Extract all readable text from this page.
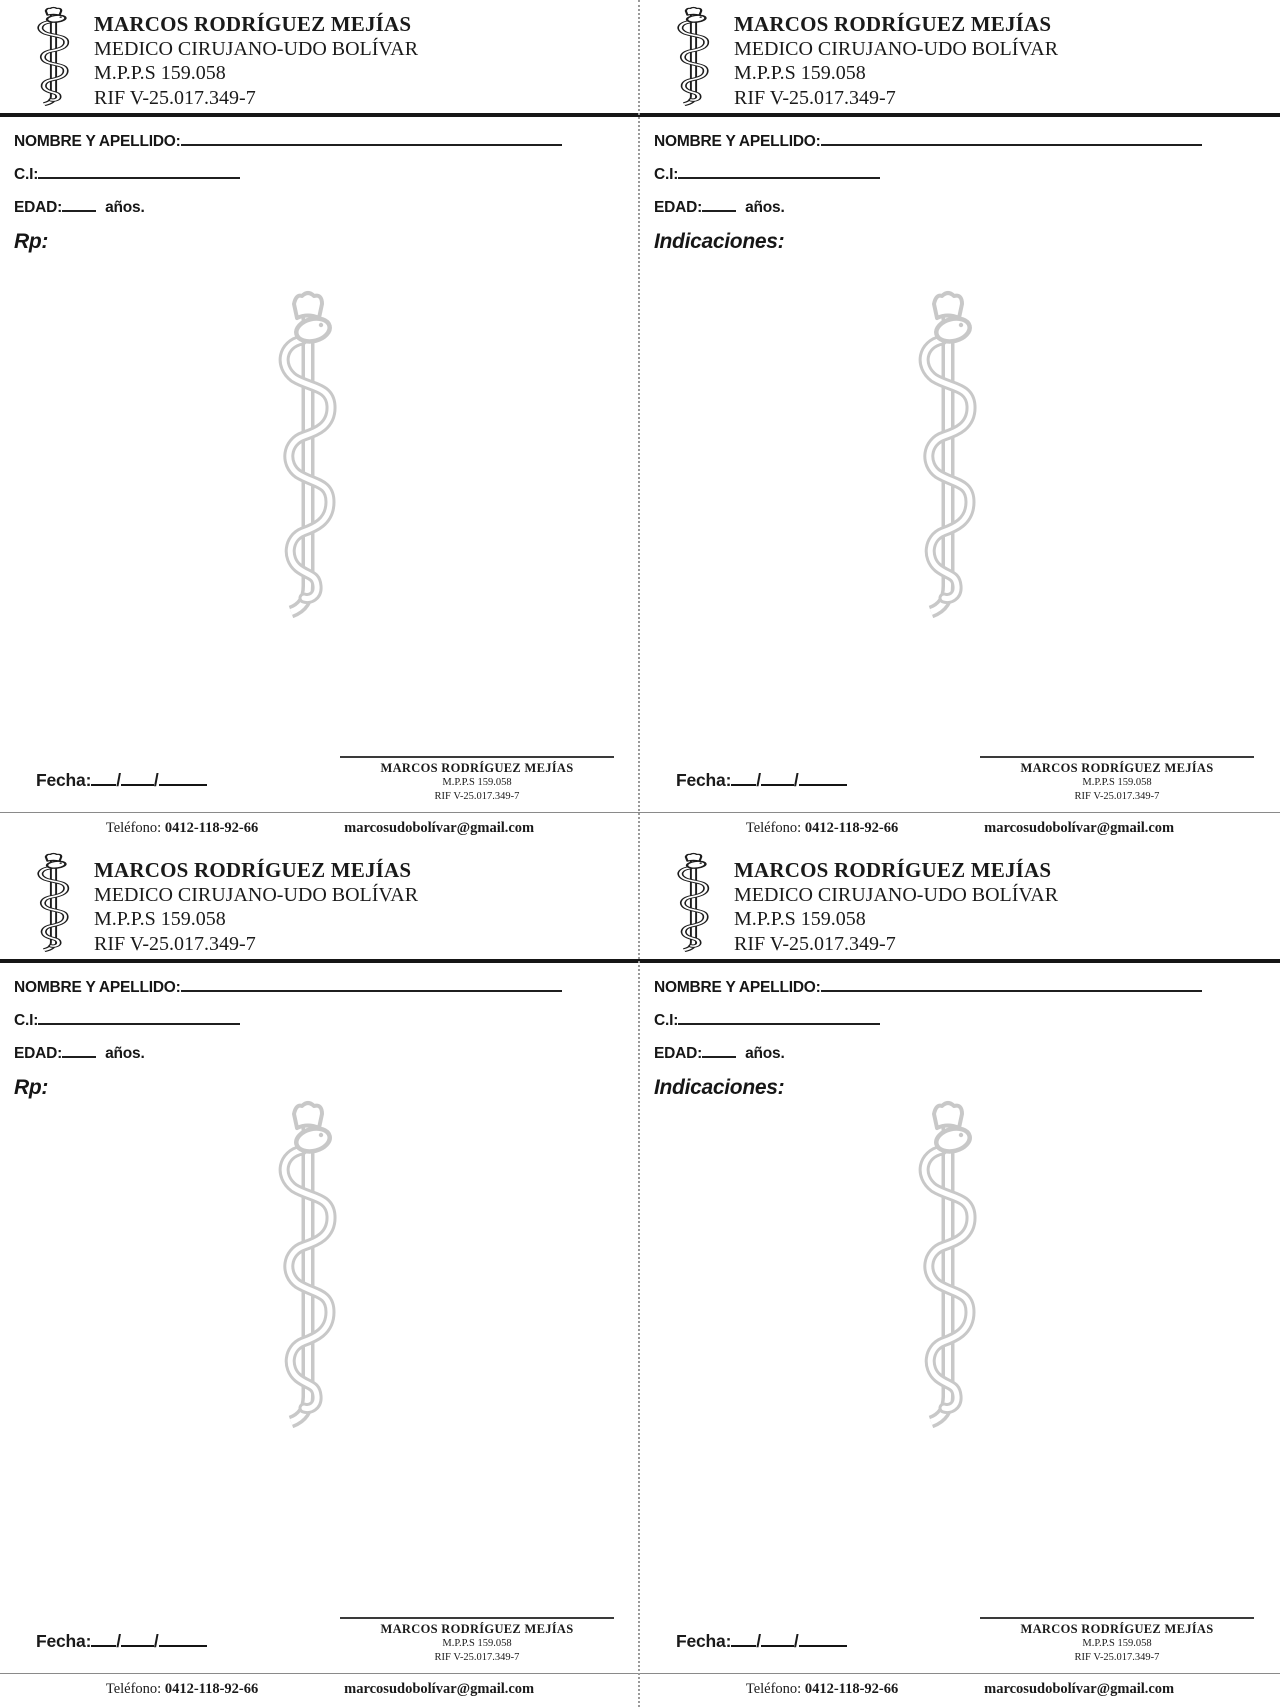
MARCOS RODRÍGUEZ MEJÍAS
MEDICO CIRUJANO-UDO BOLÍVAR
M.P.P.S 159.058
RIF V-25.017.349-7
NOMBRE Y APELLIDO:
C.I:
EDAD:	años.
Rp:
Fecha: / /
MARCOS RODRÍGUEZ MEJÍAS
M.P.P.S 159.058
RIF V-25.017.349-7
Teléfono: 0412-118-92-66	marcosudobolívar@gmail.com
MARCOS RODRÍGUEZ MEJÍAS
MEDICO CIRUJANO-UDO BOLÍVAR
M.P.P.S 159.058
RIF V-25.017.349-7
NOMBRE Y APELLIDO:
C.I:
EDAD:	años.
Indicaciones:
Fecha: / /
MARCOS RODRÍGUEZ MEJÍAS
M.P.P.S 159.058
RIF V-25.017.349-7
Teléfono: 0412-118-92-66	marcosudobolívar@gmail.com
MARCOS RODRÍGUEZ MEJÍAS
MEDICO CIRUJANO-UDO BOLÍVAR
M.P.P.S 159.058
RIF V-25.017.349-7
NOMBRE Y APELLIDO:
C.I:
EDAD:	años.
Rp:
Fecha: / /
MARCOS RODRÍGUEZ MEJÍAS
M.P.P.S 159.058
RIF V-25.017.349-7
Teléfono: 0412-118-92-66	marcosudobolívar@gmail.com
MARCOS RODRÍGUEZ MEJÍAS
MEDICO CIRUJANO-UDO BOLÍVAR
M.P.P.S 159.058
RIF V-25.017.349-7
NOMBRE Y APELLIDO:
C.I:
EDAD:	años.
Indicaciones:
Fecha: / /
MARCOS RODRÍGUEZ MEJÍAS
M.P.P.S 159.058
RIF V-25.017.349-7
Teléfono: 0412-118-92-66	marcosudobolívar@gmail.com
